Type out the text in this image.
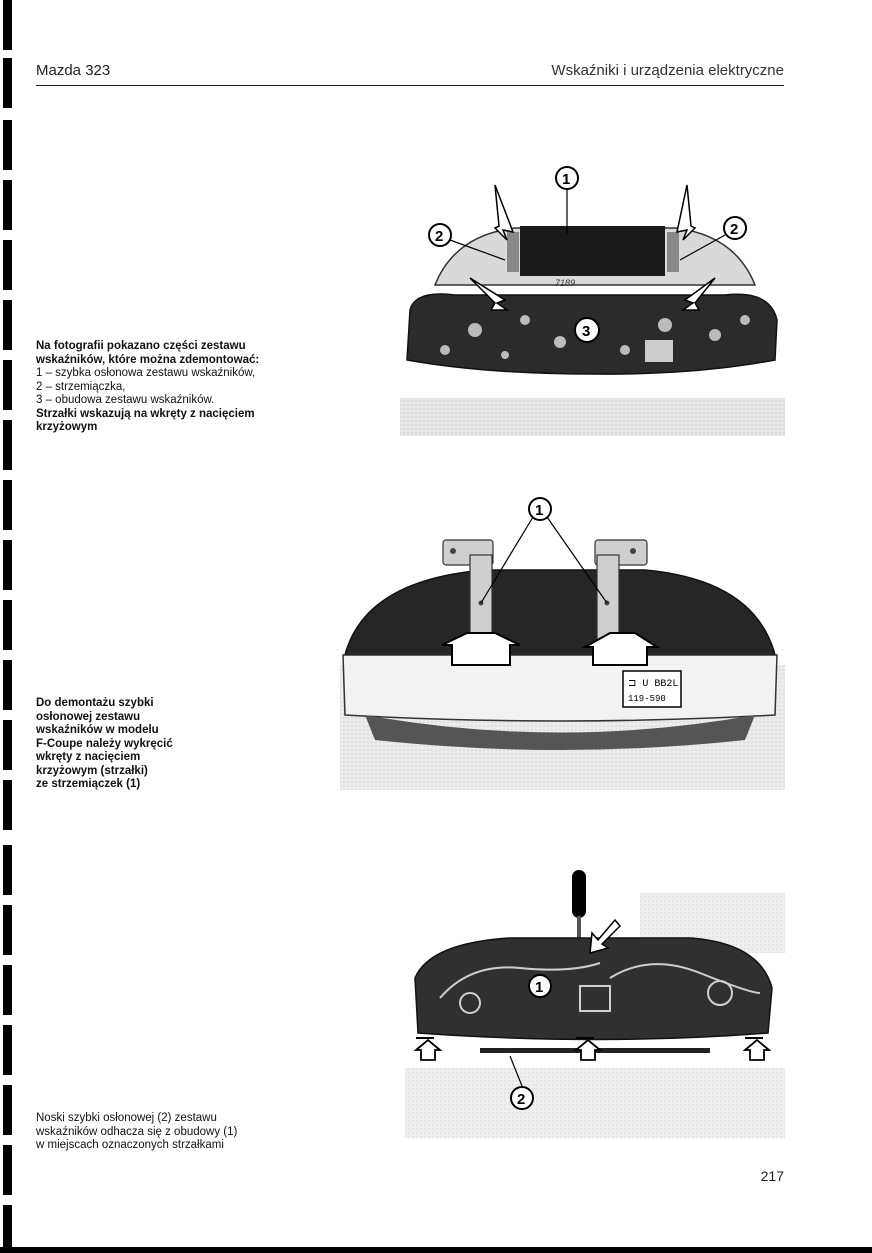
Mazda 323	Wskaźniki i urządzenia elektryczne
Na fotografii pokazano części zestawu
wskaźników, które można zdemontować:
1 – szybka osłonowa zestawu wskaźników,
2 – strzemiączka,
3 – obudowa zestawu wskaźników.
Strzałki wskazują na wkręty z nacięciem
krzyżowym
Do demontażu szybki
osłonowej zestawu
wskaźników w modelu
F-Coupe należy wykręcić
wkręty z nacięciem
krzyżowym (strzałki)
ze strzemiączek (1)
Noski szybki osłonowej (2) zestawu
wskaźników odhacza się z obudowy (1)
w miejscach oznaczonych strzałkami
7189
1
2	2
3
⊐ U BB2L
119-590
1
1
2
217
